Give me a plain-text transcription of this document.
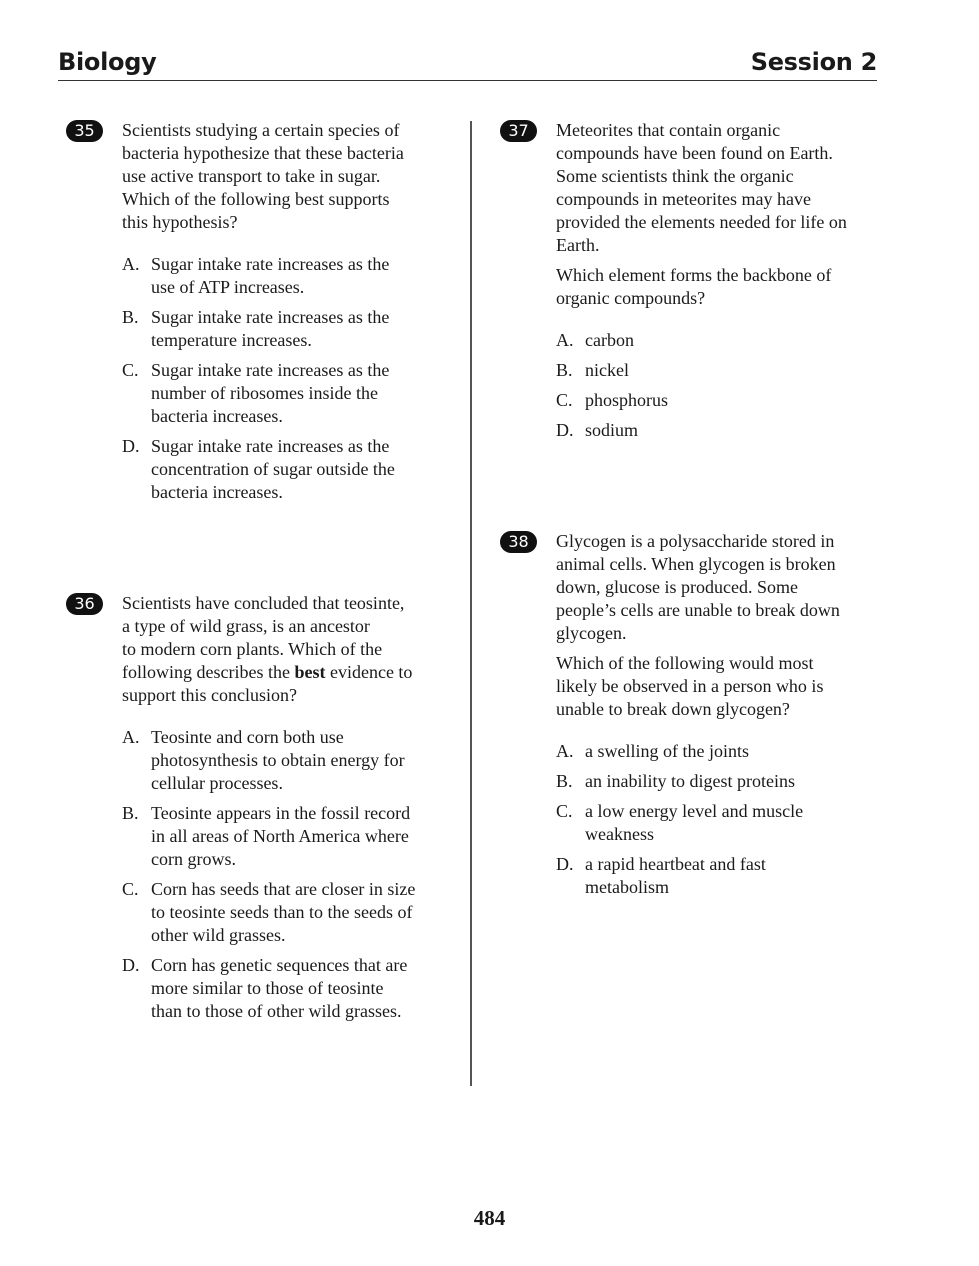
Biology	Session 2
35	Scientists studying a certain species of
bacteria hypothesize that these bacteria
use active transport to take in sugar.
Which of the following best supports
this hypothesis?

A. Sugar intake rate increases as the
use of ATP increases.
B. Sugar intake rate increases as the
temperature increases.
C. Sugar intake rate increases as the
number of ribosomes inside the
bacteria increases.
D. Sugar intake rate increases as the
concentration of sugar outside the
bacteria increases.
36	Scientists have concluded that teosinte,
a type of wild grass, is an ancestor
to modern corn plants. Which of the
following describes the best evidence to
support this conclusion?

A. Teosinte and corn both use
photosynthesis to obtain energy for
cellular processes.
B. Teosinte appears in the fossil record
in all areas of North America where
corn grows.
C. Corn has seeds that are closer in size
to teosinte seeds than to the seeds of
other wild grasses.
D. Corn has genetic sequences that are
more similar to those of teosinte
than to those of other wild grasses.
37	Meteorites that contain organic
compounds have been found on Earth.
Some scientists think the organic
compounds in meteorites may have
provided the elements needed for life on
Earth.

Which element forms the backbone of
organic compounds?

A. carbon
B. nickel
C. phosphorus
D. sodium
38	Glycogen is a polysaccharide stored in
animal cells. When glycogen is broken
down, glucose is produced. Some
people’s cells are unable to break down
glycogen.

Which of the following would most
likely be observed in a person who is
unable to break down glycogen?

A. a swelling of the joints
B. an inability to digest proteins
C. a low energy level and muscle
weakness
D. a rapid heartbeat and fast
metabolism
484
